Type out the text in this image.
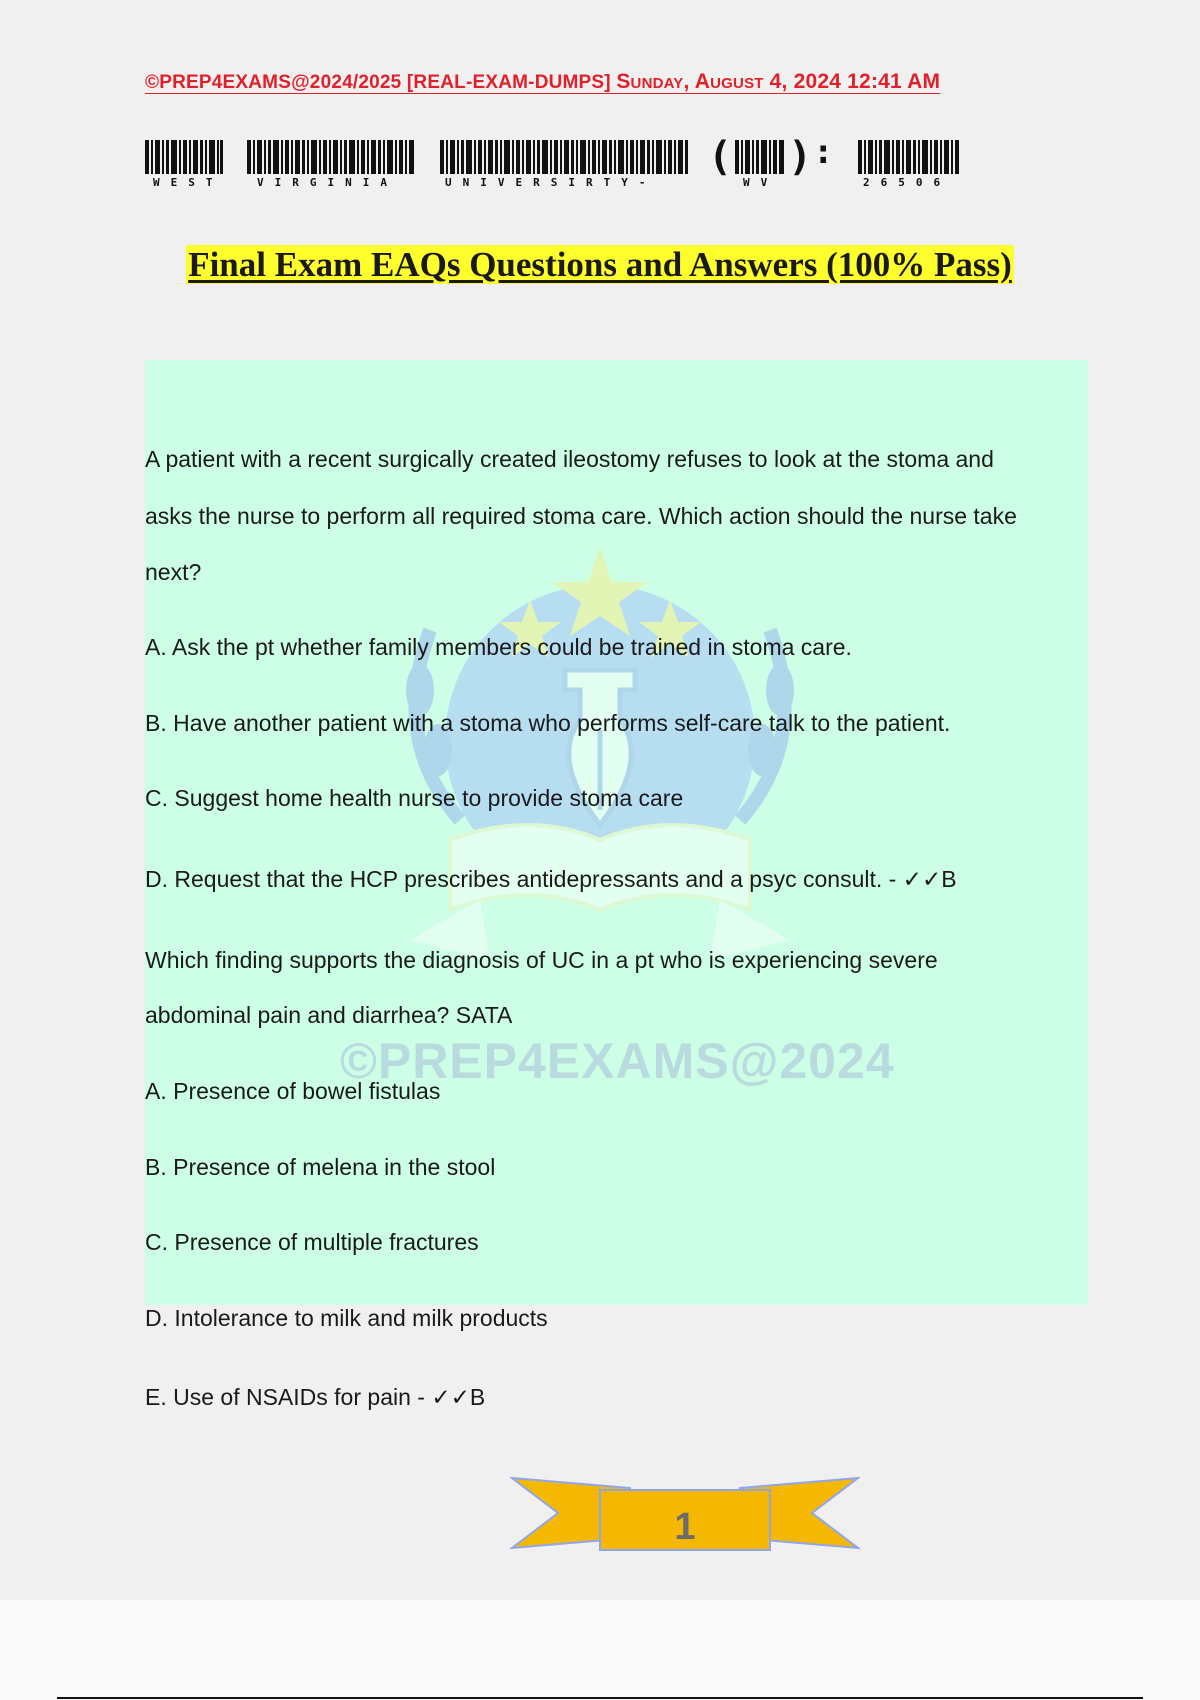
©PREP4EXAMS@2024/2025 [REAL-EXAM-DUMPS] Sunday, August 4, 2024 12:41 AM
WEST	VIRGINIA	UNIVERSIRTY-
(
WV
) :
26506
Final Exam EAQs Questions and Answers (100% Pass)
©PREP4EXAMS@2024
A patient with a recent surgically created ileostomy refuses to look at the stoma and
asks the nurse to perform all required stoma care. Which action should the nurse take
next?
A. Ask the pt whether family members could be trained in stoma care.
B. Have another patient with a stoma who performs self-care talk to the patient.
C. Suggest home health nurse to provide stoma care
D. Request that the HCP prescribes antidepressants and a psyc consult. - ✓✓B
Which finding supports the diagnosis of UC in a pt who is experiencing severe
abdominal pain and diarrhea? SATA
A. Presence of bowel fistulas
B. Presence of melena in the stool
C. Presence of multiple fractures
D. Intolerance to milk and milk products
E. Use of NSAIDs for pain - ✓✓B
1
